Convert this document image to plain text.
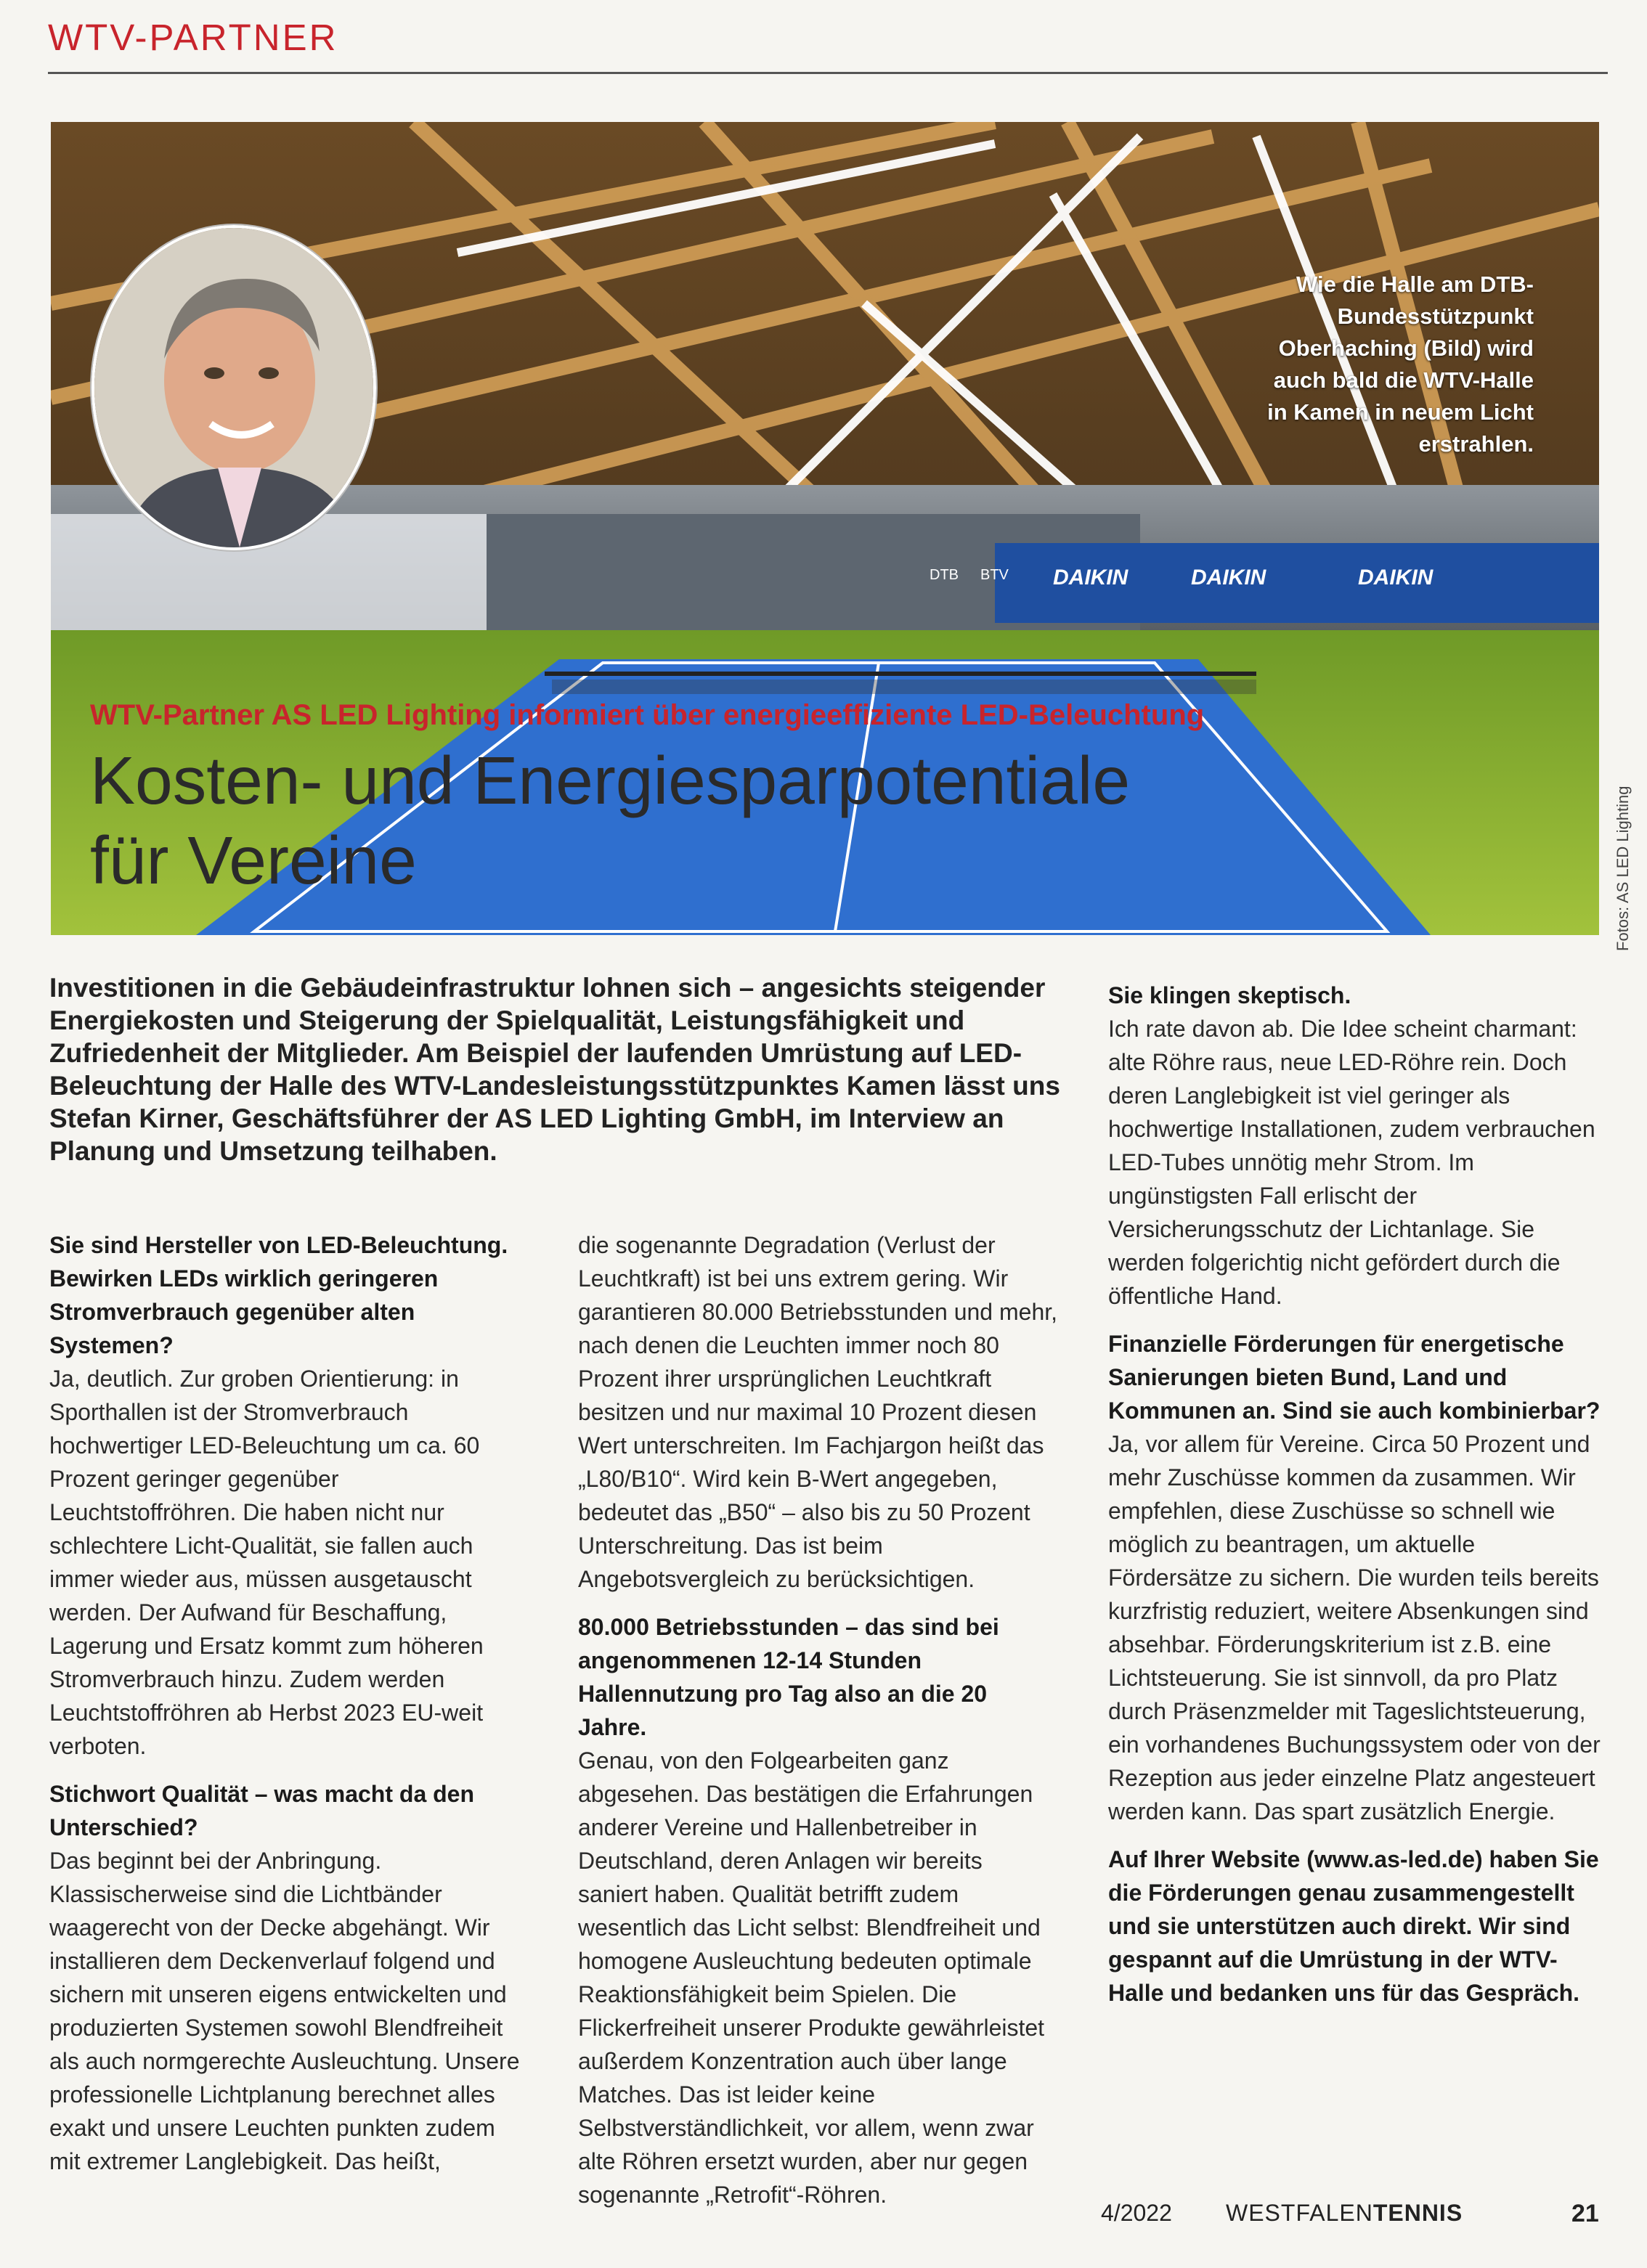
WTV-PARTNER
DAIKIN	DAIKIN	DAIKIN
BTV
DTB
Wie die Halle am DTB-Bundesstützpunkt Oberhaching (Bild) wird auch bald die WTV-Halle in Kamen in neuem Licht erstrahlen.
WTV-Partner AS LED Lighting informiert über energieeffiziente LED-Beleuchtung
Kosten- und Energiesparpotentiale
für Vereine	Fotos: AS LED Lighting

Investitionen in die Gebäudeinfrastruktur lohnen sich – angesichts steigender Energiekosten und Steigerung der Spielqualität, Leistungsfähigkeit und Zufriedenheit der Mitglieder. Am Beispiel der laufenden Umrüstung auf LED-Beleuchtung der Halle des WTV-Landesleistungsstützpunktes Kamen lässt uns Stefan Kirner, Geschäftsführer der AS LED Lighting GmbH, im Interview an Planung und Umsetzung teilhaben.

Sie sind Hersteller von LED-Beleuchtung. Bewirken LEDs wirklich geringeren Stromverbrauch gegenüber alten Systemen?

Ja, deutlich. Zur groben Orientierung: in Sporthallen ist der Stromverbrauch hochwertiger LED-Beleuchtung um ca. 60 Prozent geringer gegenüber Leuchtstoffröhren. Die haben nicht nur schlechtere Licht-Qualität, sie fallen auch immer wieder aus, müssen ausgetauscht werden. Der Aufwand für Beschaffung, Lagerung und Ersatz kommt zum höheren Stromverbrauch hinzu. Zudem werden Leuchtstoffröhren ab Herbst 2023 EU-weit verboten.

Stichwort Qualität – was macht da den Unterschied?

Das beginnt bei der Anbringung. Klassischerweise sind die Lichtbänder waagerecht von der Decke abgehängt. Wir installieren dem Deckenverlauf folgend und sichern mit unseren eigens entwickelten und produzierten Systemen sowohl Blendfreiheit als auch normgerechte Ausleuchtung. Unsere professionelle Lichtplanung berechnet alles exakt und unsere Leuchten punkten zudem mit extremer Langlebigkeit. Das heißt,

die sogenannte Degradation (Verlust der Leuchtkraft) ist bei uns extrem gering. Wir garantieren 80.000 Betriebsstunden und mehr, nach denen die Leuchten immer noch 80 Prozent ihrer ursprünglichen Leuchtkraft besitzen und nur maximal 10 Prozent diesen Wert unterschreiten. Im Fachjargon heißt das „L80/B10“. Wird kein B-Wert angegeben, bedeutet das „B50“ – also bis zu 50 Prozent Unterschreitung. Das ist beim Angebotsvergleich zu berücksichtigen.

80.000 Betriebsstunden – das sind bei angenommenen 12-14 Stunden Hallennutzung pro Tag also an die 20 Jahre.

Genau, von den Folgearbeiten ganz abgesehen. Das bestätigen die Erfahrungen anderer Vereine und Hallenbetreiber in Deutschland, deren Anlagen wir bereits saniert haben. Qualität betrifft zudem wesentlich das Licht selbst: Blendfreiheit und homogene Ausleuchtung bedeuten optimale Reaktionsfähigkeit beim Spielen. Die Flickerfreiheit unserer Produkte gewährleistet außerdem Konzentration auch über lange Matches. Das ist leider keine Selbstverständlichkeit, vor allem, wenn zwar alte Röhren ersetzt wurden, aber nur gegen sogenannte „Retrofit“-Röhren.

Sie klingen skeptisch.

Ich rate davon ab. Die Idee scheint charmant: alte Röhre raus, neue LED-Röhre rein. Doch deren Langlebigkeit ist viel geringer als hochwertige Installationen, zudem verbrauchen LED-Tubes unnötig mehr Strom. Im ungünstigsten Fall erlischt der Versicherungsschutz der Lichtanlage. Sie werden folgerichtig nicht gefördert durch die öffentliche Hand.

Finanzielle Förderungen für energetische Sanierungen bieten Bund, Land und Kommunen an. Sind sie auch kombinierbar?

Ja, vor allem für Vereine. Circa 50 Prozent und mehr Zuschüsse kommen da zusammen. Wir empfehlen, diese Zuschüsse so schnell wie möglich zu beantragen, um aktuelle Fördersätze zu sichern. Die wurden teils bereits kurzfristig reduziert, weitere Absenkungen sind absehbar. Förderungskriterium ist z.B. eine Lichtsteuerung. Sie ist sinnvoll, da pro Platz durch Präsenzmelder mit Tageslichtsteuerung, ein vorhandenes Buchungssystem oder von der Rezeption aus jeder einzelne Platz angesteuert werden kann. Das spart zusätzlich Energie.

Auf Ihrer Website (www.as-led.de) haben Sie die Förderungen genau zusammengestellt und sie unterstützen auch direkt. Wir sind gespannt auf die Umrüstung in der WTV-Halle und bedanken uns für das Gespräch.

4/2022 WESTFALENTENNIS	21
